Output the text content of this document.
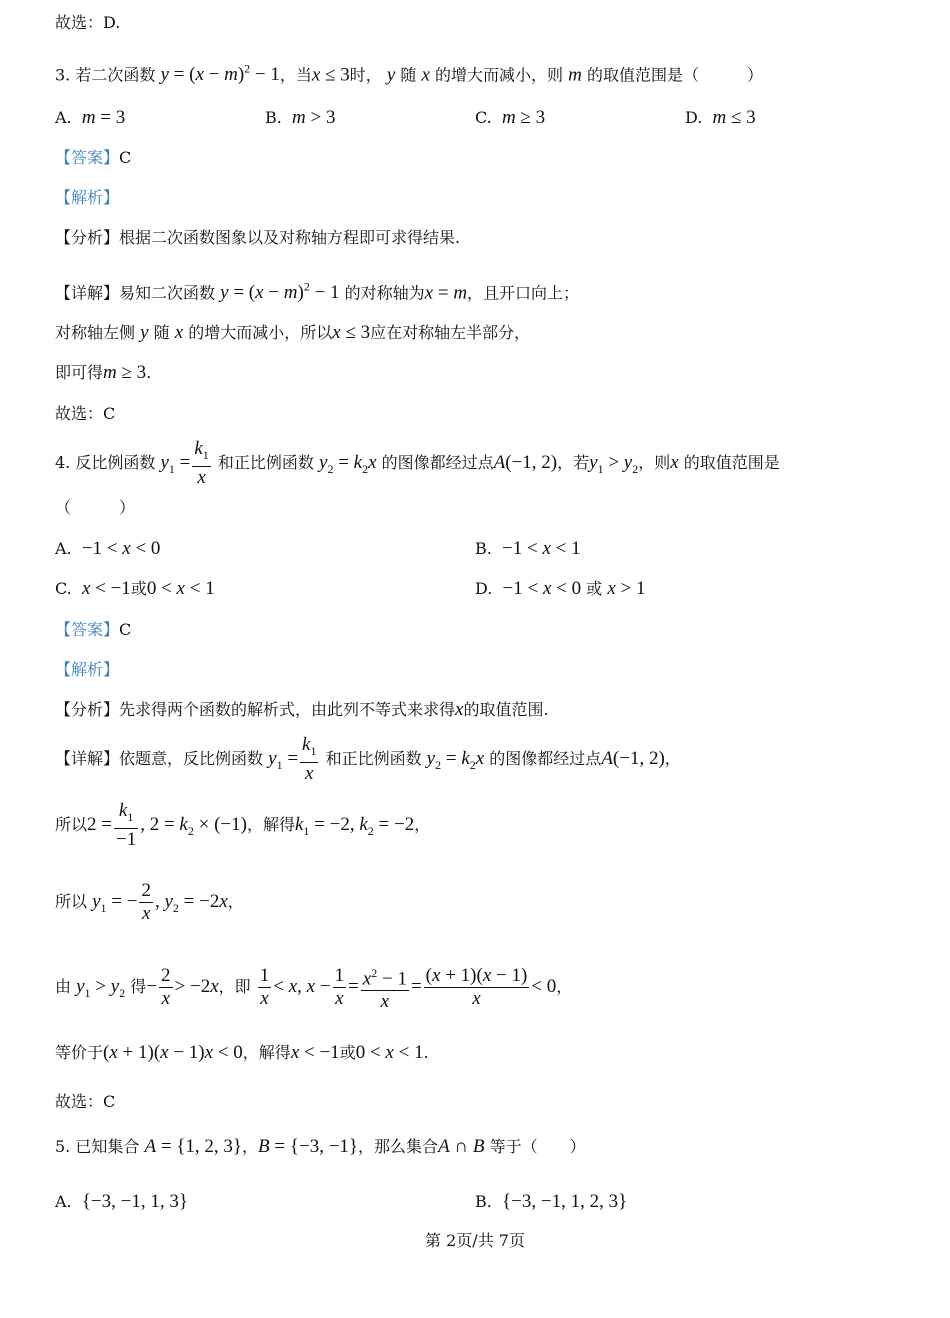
故选：D.
3. 若二次函数 $y = (x - m)^2 - 1$，当x ≤ 3时， y 随 x 的增大而减小，则 m 的取值范围是（　　　）
A. m = 3	B. m > 3	C. m ≥ 3	D. m ≤ 3
【答案】C
【解析】
【分析】根据二次函数图象以及对称轴方程即可求得结果.
【详解】易知二次函数 $y = (x - m)^2 - 1$ 的对称轴为x = m，且开口向上；
对称轴左侧 y 随 x 的增大而减小，所以x ≤ 3应在对称轴左半部分，
即可得m ≥ 3.
故选：C
4. 反比例函数 $y_1 = \frac{k_1}{x}$ 和正比例函数 $y_2 = k_2x$ 的图像都经过点A(−1, 2)，若$y_1 > y_2$，则x 的取值范围是
（　　　）
A. −1 < x < 0	B. −1 < x < 1
C. x < −1或0 < x < 1	D. −1 < x < 0 或 x > 1
【答案】C
【解析】
【分析】先求得两个函数的解析式，由此列不等式来求得x的取值范围.
【详解】依题意，反比例函数 $y_1 = \frac{k_1}{x}$ 和正比例函数 $y_2 = k_2x$ 的图像都经过点A(−1, 2)，
所以$2 = \frac{k_1}{-1}$ , $2 = k_2 \times (-1)$，解得$k_1 = -2$, $k_2 = -2$，
所以 $y_1$ = − $\frac{2}{x}$ , $y_2 = -2x$，
由 $y_1 > y_2$ 得− $\frac{2}{x} > -2x$，即 $\frac{1}{x} < x$, $x - \frac{1}{x} = \frac{x^2 - 1}{x} = \frac{(x + 1)(x - 1)}{x} < 0$，
等价于(x + 1)(x − 1)x < 0，解得x < −1或0 < x < 1.
故选：C
5. 已知集合 A = {1, 2, 3}，B = {−3, −1}，那么集合A ∩ B 等于（　　）
A. {−3, −1, 1, 3}	B. {−3, −1, 1, 2, 3}
第 2页/共 7页
